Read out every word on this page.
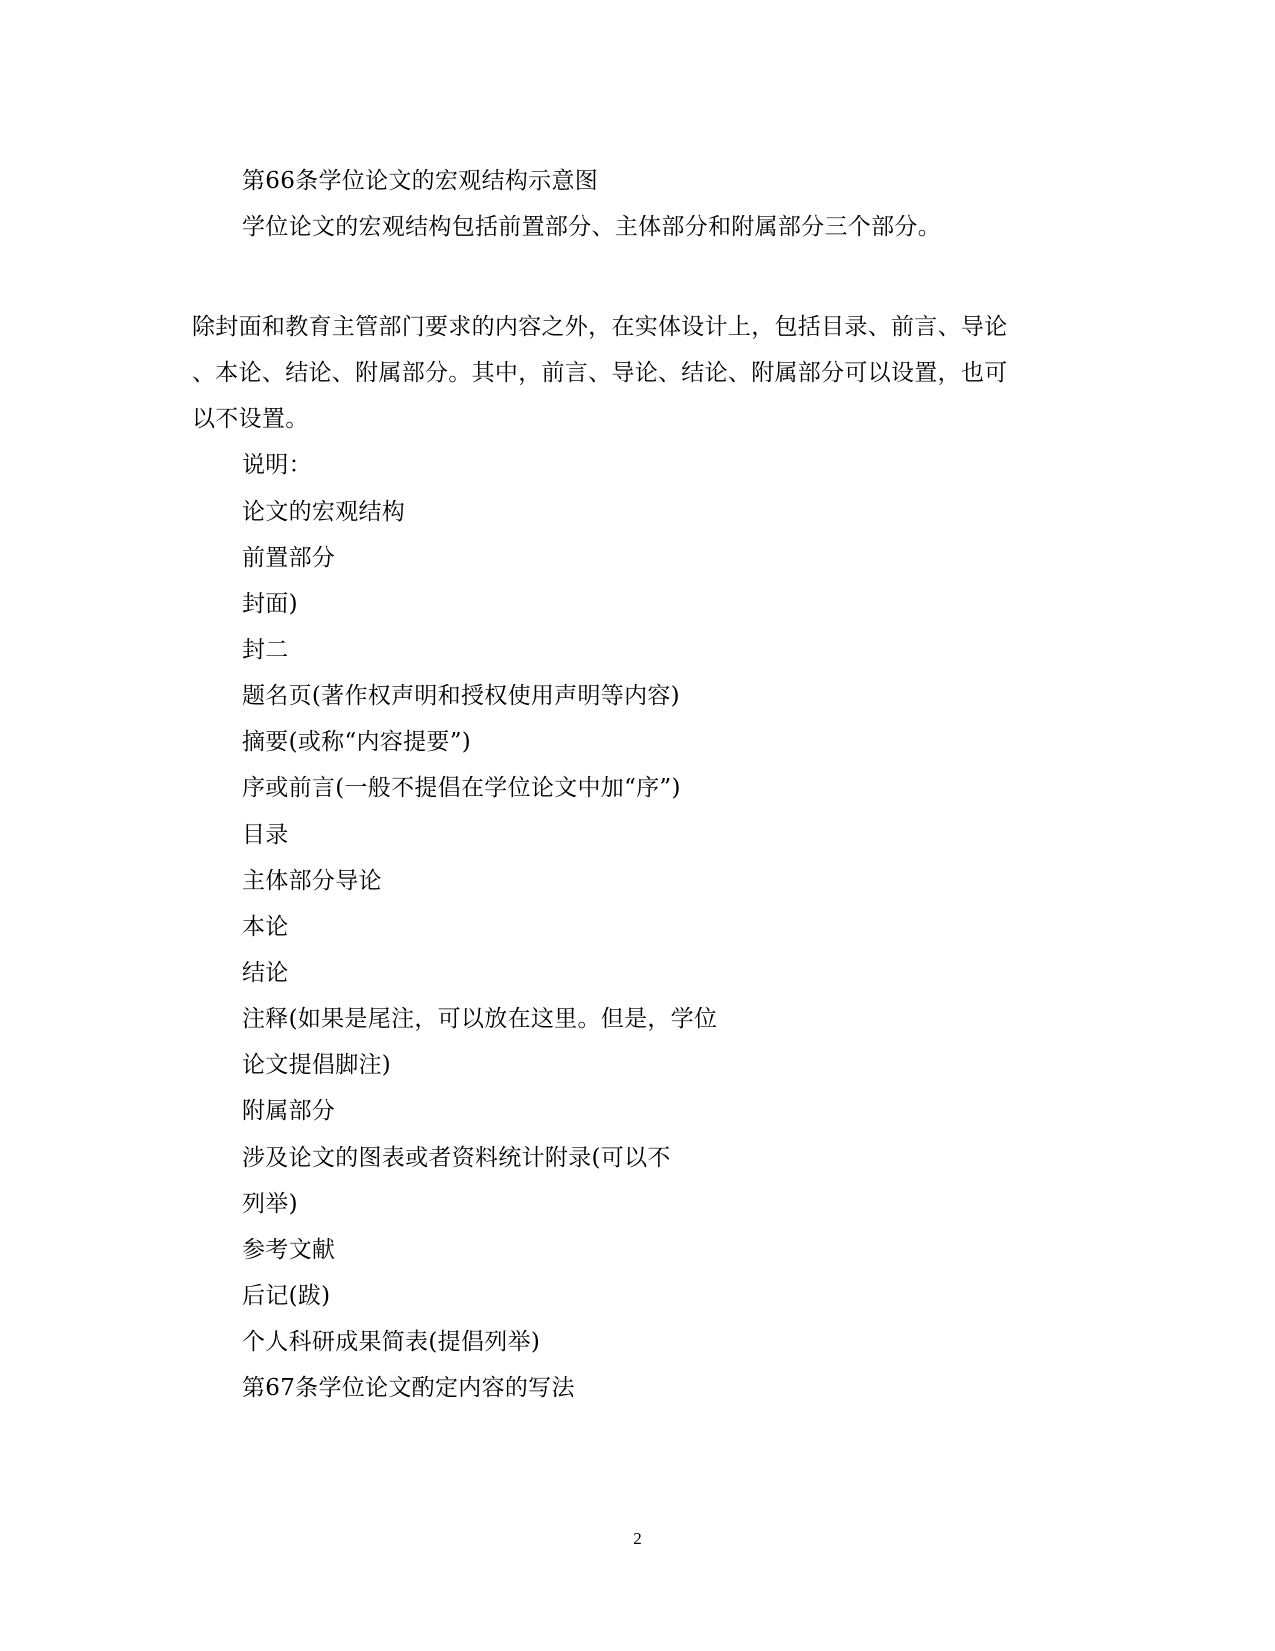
第66条学位论文的宏观结构示意图
学位论文的宏观结构包括前置部分、主体部分和附属部分三个部分。
除封面和教育主管部门要求的内容之外，在实体设计上，包括目录、前言、导论
、本论、结论、附属部分。其中，前言、导论、结论、附属部分可以设置，也可
以不设置。
说明：
论文的宏观结构
前置部分
封面)
封二
题名页(著作权声明和授权使用声明等内容)
摘要(或称“内容提要”)
序或前言(一般不提倡在学位论文中加“序”)
目录
主体部分导论
本论
结论
注释(如果是尾注，可以放在这里。但是，学位
论文提倡脚注)
附属部分
涉及论文的图表或者资料统计附录(可以不
列举)
参考文献
后记(跋)
个人科研成果简表(提倡列举)
第67条学位论文酌定内容的写法
2
